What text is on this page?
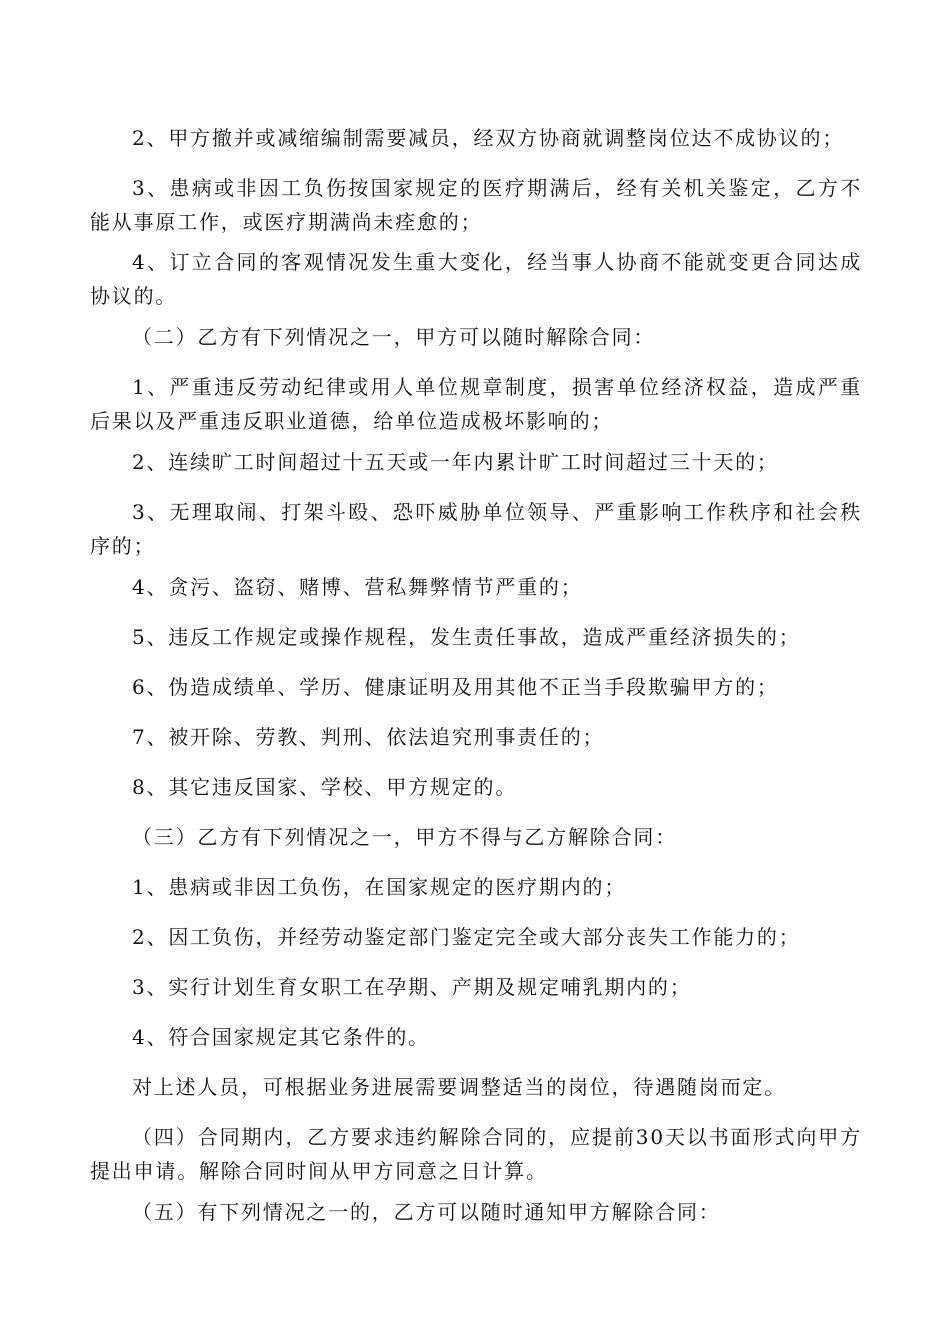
2、甲方撤并或减缩编制需要减员，经双方协商就调整岗位达不成协议的；

3、患病或非因工负伤按国家规定的医疗期满后，经有关机关鉴定，乙方不能从事原工作，或医疗期满尚未痊愈的；

4、订立合同的客观情况发生重大变化，经当事人协商不能就变更合同达成协议的。

（二）乙方有下列情况之一，甲方可以随时解除合同：

1、严重违反劳动纪律或用人单位规章制度，损害单位经济权益，造成严重后果以及严重违反职业道德，给单位造成极坏影响的；

2、连续旷工时间超过十五天或一年内累计旷工时间超过三十天的；

3、无理取闹、打架斗殴、恐吓威胁单位领导、严重影响工作秩序和社会秩序的；

4、贪污、盗窃、赌博、营私舞弊情节严重的；

5、违反工作规定或操作规程，发生责任事故，造成严重经济损失的；

6、伪造成绩单、学历、健康证明及用其他不正当手段欺骗甲方的；

7、被开除、劳教、判刑、依法追究刑事责任的；

8、其它违反国家、学校、甲方规定的。

（三）乙方有下列情况之一，甲方不得与乙方解除合同：

1、患病或非因工负伤，在国家规定的医疗期内的；

2、因工负伤，并经劳动鉴定部门鉴定完全或大部分丧失工作能力的；

3、实行计划生育女职工在孕期、产期及规定哺乳期内的；

4、符合国家规定其它条件的。

对上述人员，可根据业务进展需要调整适当的岗位，待遇随岗而定。

（四）合同期内，乙方要求违约解除合同的，应提前30天以书面形式向甲方提出申请。解除合同时间从甲方同意之日计算。

（五）有下列情况之一的，乙方可以随时通知甲方解除合同：
